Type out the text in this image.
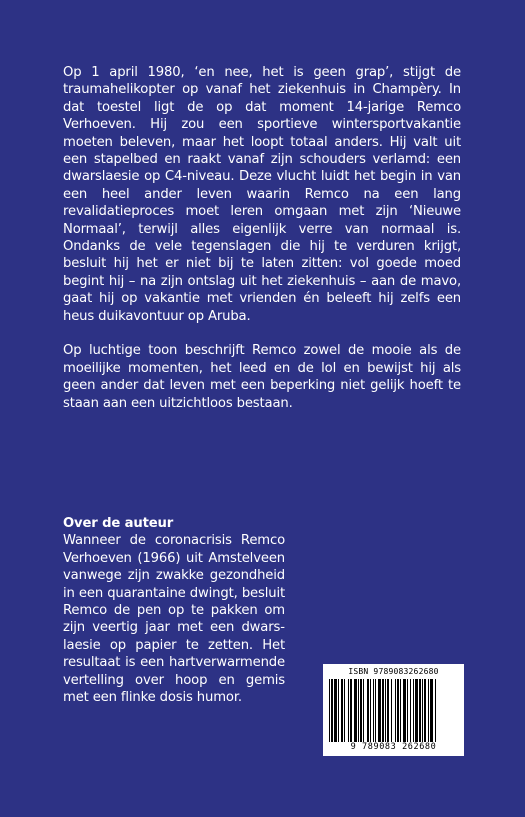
Op 1 april 1980, ‘en nee, het is geen grap’, stijgt de traumahelikopter op vanaf het ziekenhuis in Champèry. In dat toestel ligt de op dat moment 14-jarige Remco Verhoeven. Hij zou een sportieve wintersportvakantie moeten beleven, maar het loopt totaal anders. Hij valt uit een stapelbed en raakt vanaf zijn schouders verlamd: een dwarslaesie op C4-niveau. Deze vlucht luidt het begin in van een heel ander leven waarin Remco na een lang revalidatieproces moet leren omgaan met zijn ‘Nieuwe Normaal’, terwijl alles eigenlijk verre van normaal is. Ondanks de vele tegenslagen die hij te verduren krijgt, besluit hij het er niet bij te laten zitten: vol goede moed begint hij – na zijn ontslag uit het ziekenhuis – aan de mavo, gaat hij op vakantie met vrienden én beleeft hij zelfs een heus duikavontuur op Aruba.

Op luchtige toon beschrijft Remco zowel de mooie als de moeilijke momenten, het leed en de lol en bewijst hij als geen ander dat leven met een beperking niet gelijk hoeft te staan aan een uitzichtloos bestaan.

Over de auteur
Wanneer de coronacrisis Remco Verhoeven (1966) uit Amstelveen vanwege zijn zwakke gezondheid in een quarantaine dwingt, besluit Remco de pen op te pakken om zijn veertig jaar met een dwarslaesie op papier te zetten. Het resultaat is een hartverwarmende vertelling over hoop en gemis met een flinke dosis humor.
ISBN 9789083262680
9 789083 262680
